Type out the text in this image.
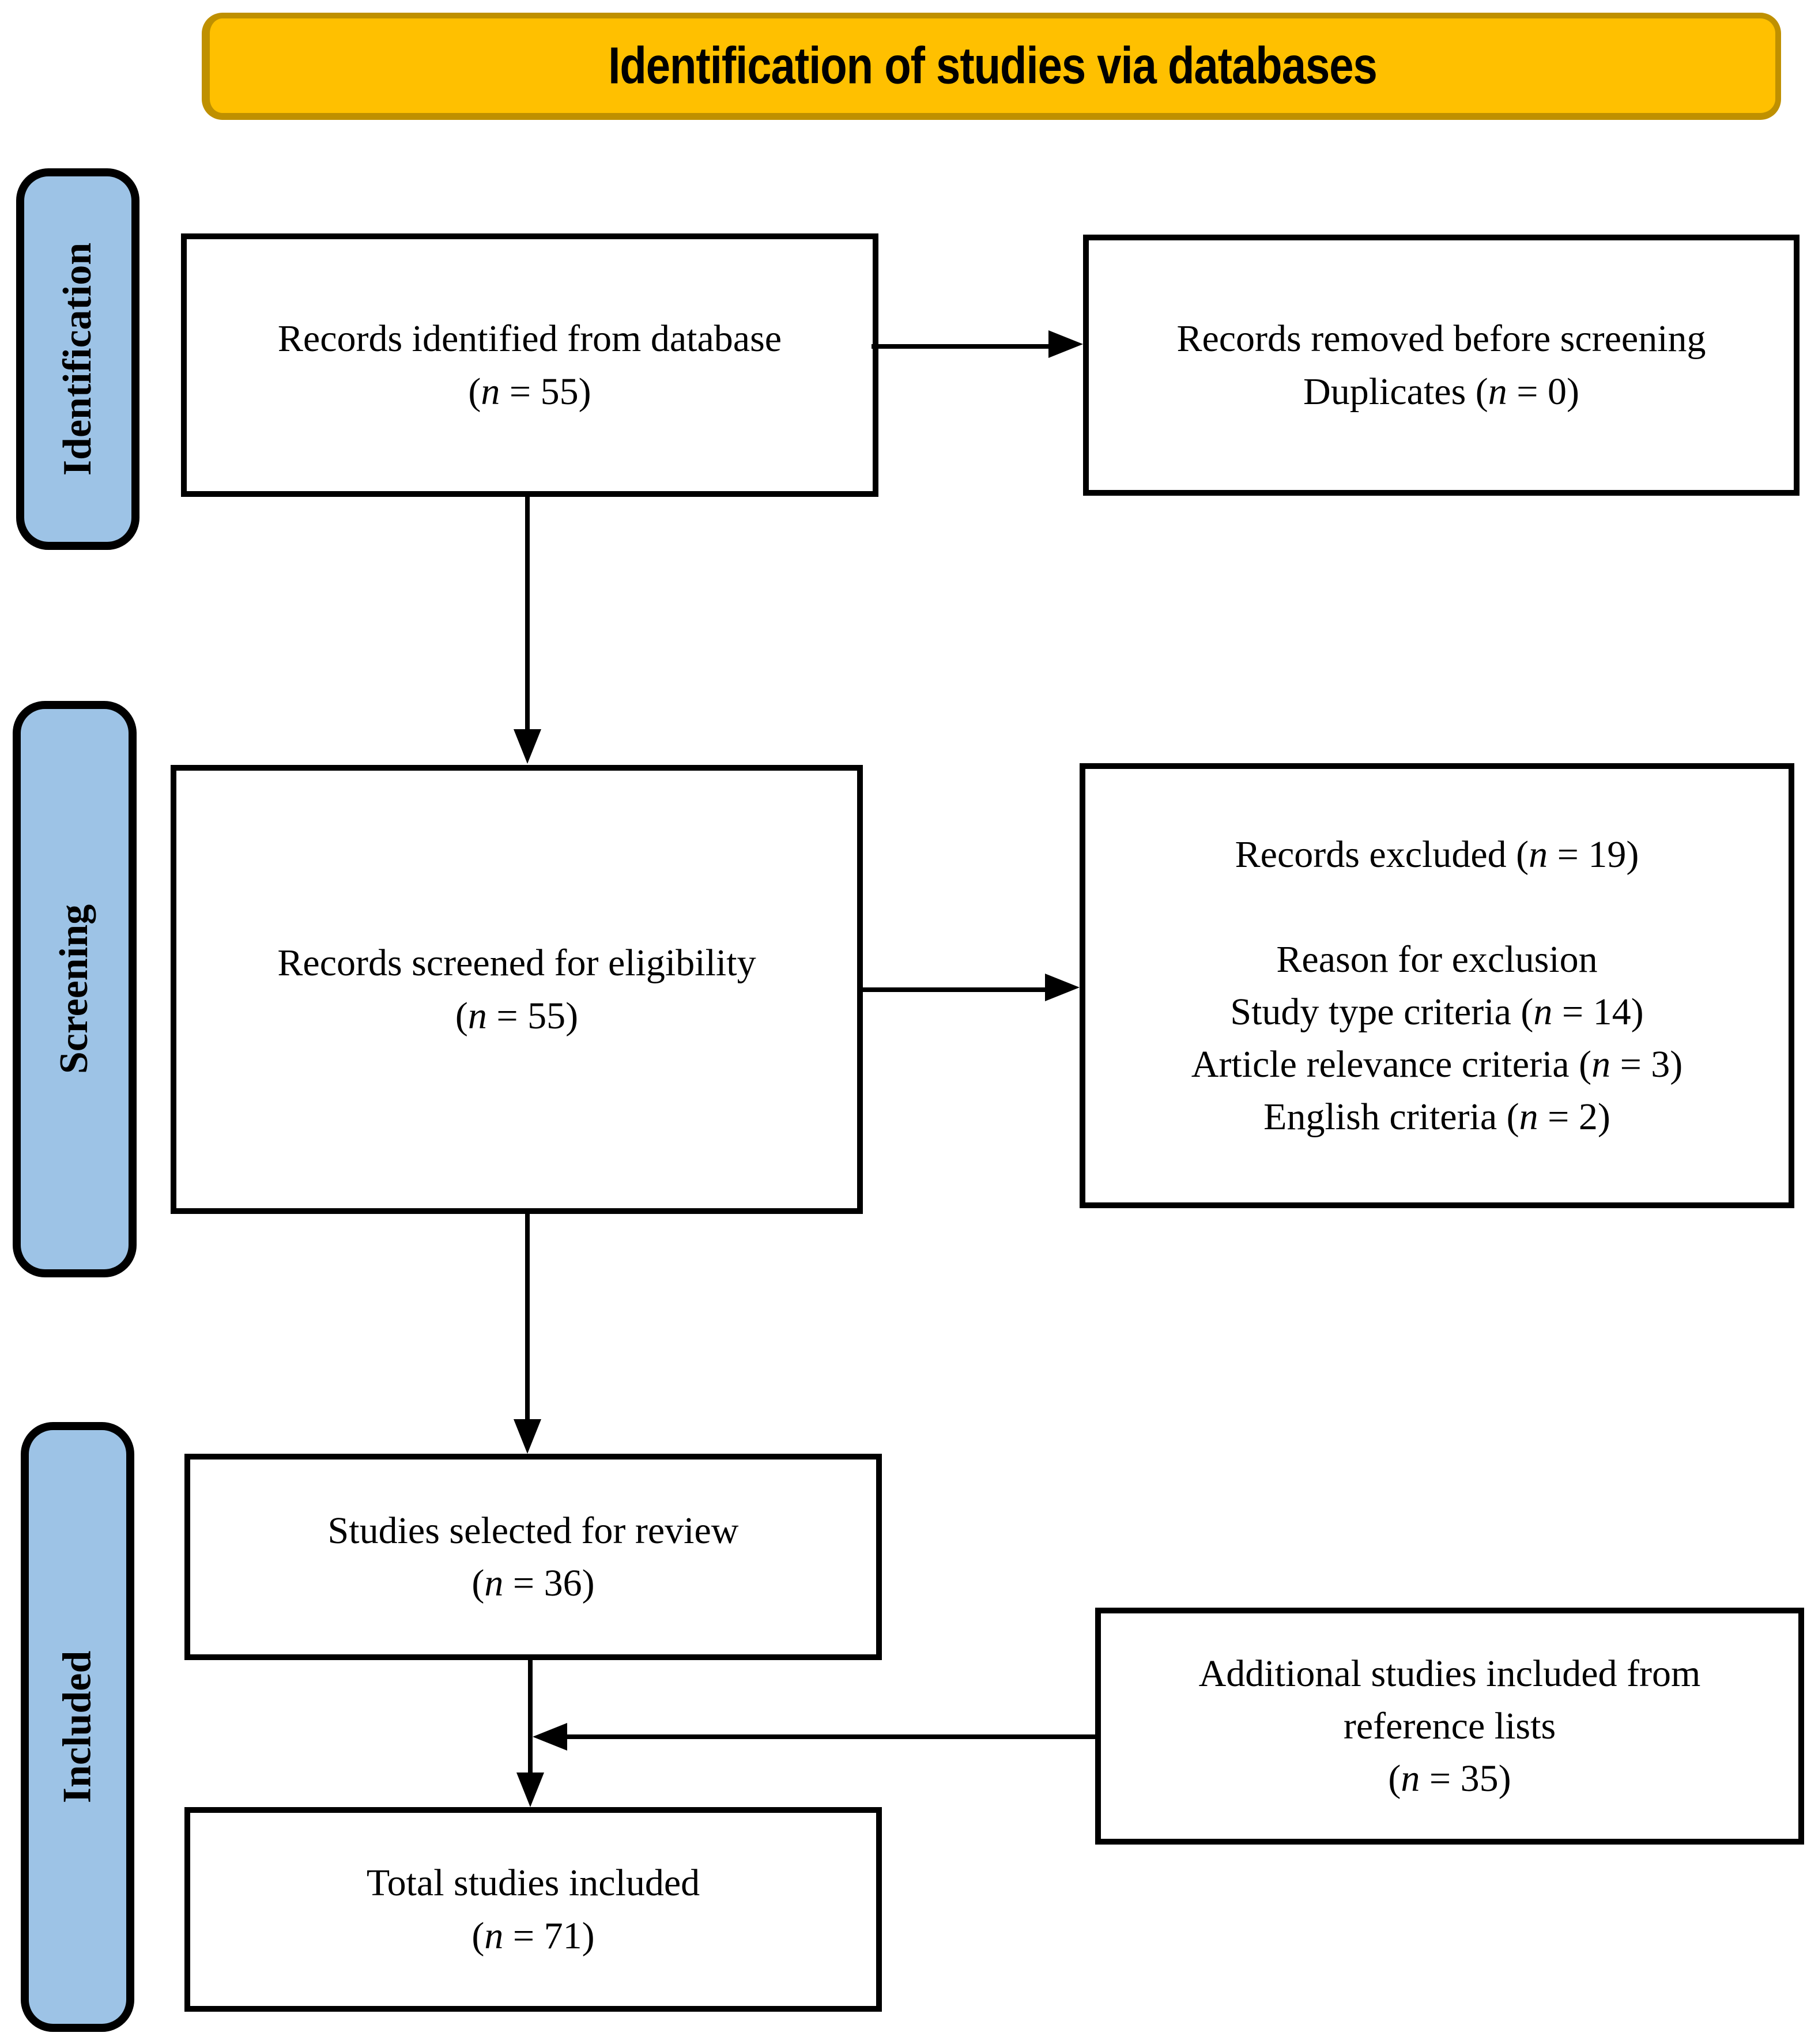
Identification of studies via databases
Identification
Screening
Included

Records identified from database

(n = 55)

Records removed before screening

Duplicates (n = 0)

Records screened for eligibility

(n = 55)

Records excluded (n = 19)

Reason for exclusion

Study type criteria (n = 14)

Article relevance criteria (n = 3)

English criteria (n = 2)

Studies selected for review

(n = 36)

Additional studies included from

reference lists

(n = 35)

Total studies included

(n = 71)
